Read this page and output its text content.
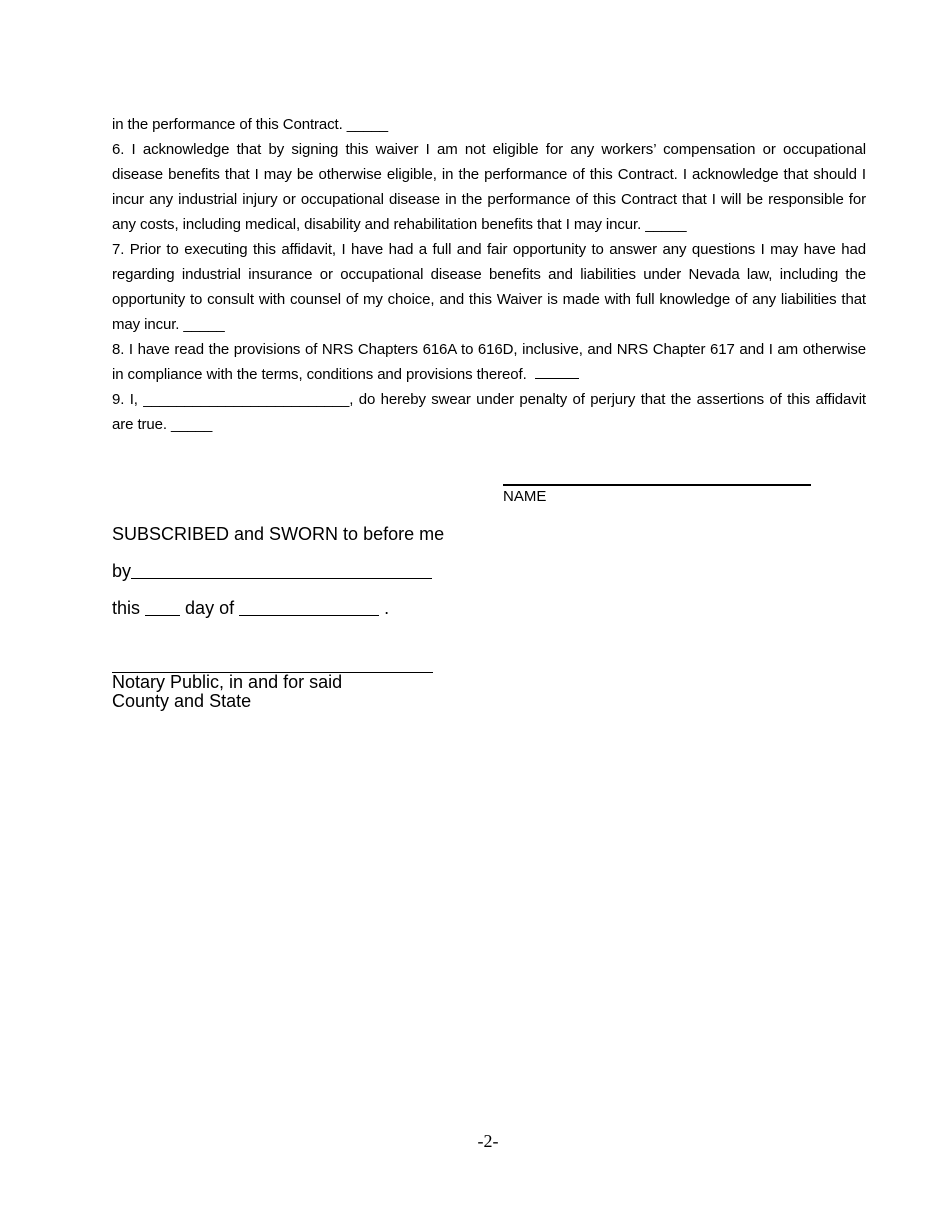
in the performance of this Contract. _____

6. I acknowledge that by signing this waiver I am not eligible for any workers’ compensation or occupational disease benefits that I may be otherwise eligible, in the performance of this Contract. I acknowledge that should I incur any industrial injury or occupational disease in the performance of this Contract that I will be responsible for any costs, including medical, disability and rehabilitation benefits that I may incur. _____

7. Prior to executing this affidavit, I have had a full and fair opportunity to answer any questions I may have had regarding industrial insurance or occupational disease benefits and liabilities under Nevada law, including the opportunity to consult with counsel of my choice, and this Waiver is made with full knowledge of any liabilities that may incur. _____

8. I have read the provisions of NRS Chapters 616A to 616D, inclusive, and NRS Chapter 617 and I am otherwise in compliance with the terms, conditions and provisions thereof.

9. I, _________________________, do hereby swear under penalty of perjury that the assertions of this affidavit are true. _____

NAME
SUBSCRIBED and SWORN to before me
by
this	day of	.
Notary Public, in and for said
County and State
-2-
